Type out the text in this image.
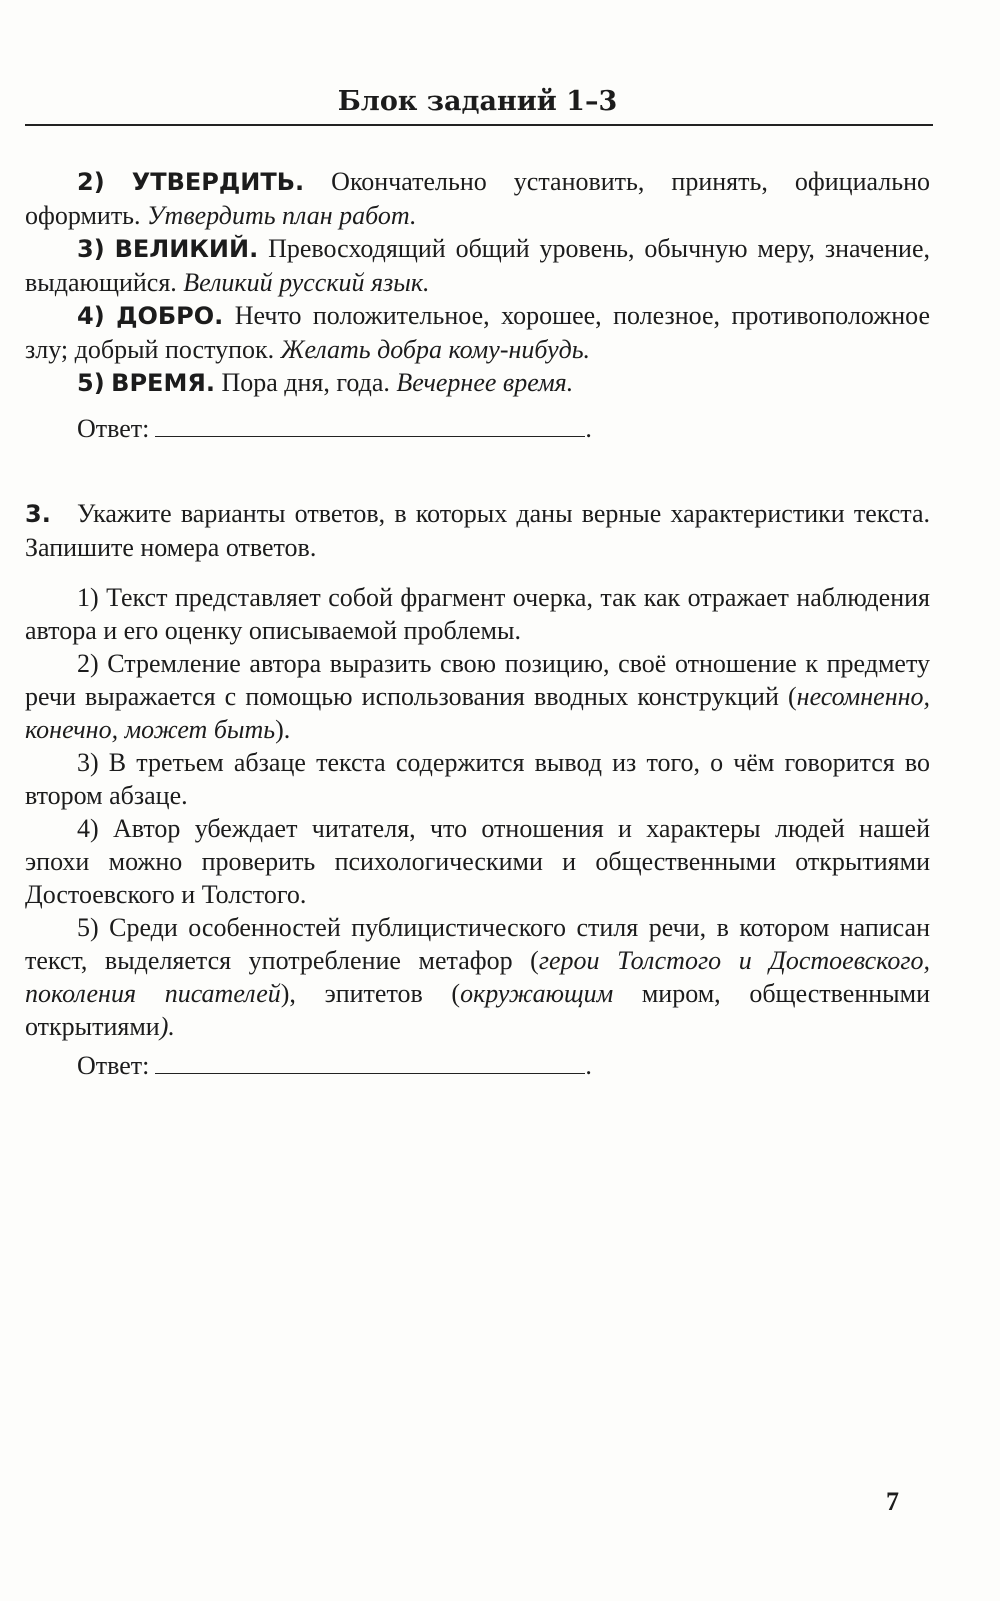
Блок заданий 1–3

2) УТВЕРДИТЬ. Окончательно установить, принять, официально оформить. Утвердить план работ.

3) ВЕЛИКИЙ. Превосходящий общий уровень, обычную меру, значение, выдающийся. Великий русский язык.

4) ДОБРО. Нечто положительное, хорошее, полезное, противоположное злу; добрый поступок. Желать добра кому-нибудь.

5) ВРЕМЯ. Пора дня, года. Вечернее время.

Ответ:	.

3. Укажите варианты ответов, в которых даны верные характеристики текста. Запишите номера ответов.

1) Текст представляет собой фрагмент очерка, так как отражает наблюдения автора и его оценку описываемой проблемы.

2) Стремление автора выразить свою позицию, своё отношение к предмету речи выражается с помощью использования вводных конструкций (несомненно, конечно, может быть).

3) В третьем абзаце текста содержится вывод из того, о чём говорится во втором абзаце.

4) Автор убеждает читателя, что отношения и характеры людей нашей эпохи можно проверить психологическими и общественными открытиями Достоевского и Толстого.

5) Среди особенностей публицистического стиля речи, в котором написан текст, выделяется употребление метафор (герои Толстого и Достоевского, поколения писателей), эпитетов (окружающим миром, общественными открытиями).

Ответ:	.
7
